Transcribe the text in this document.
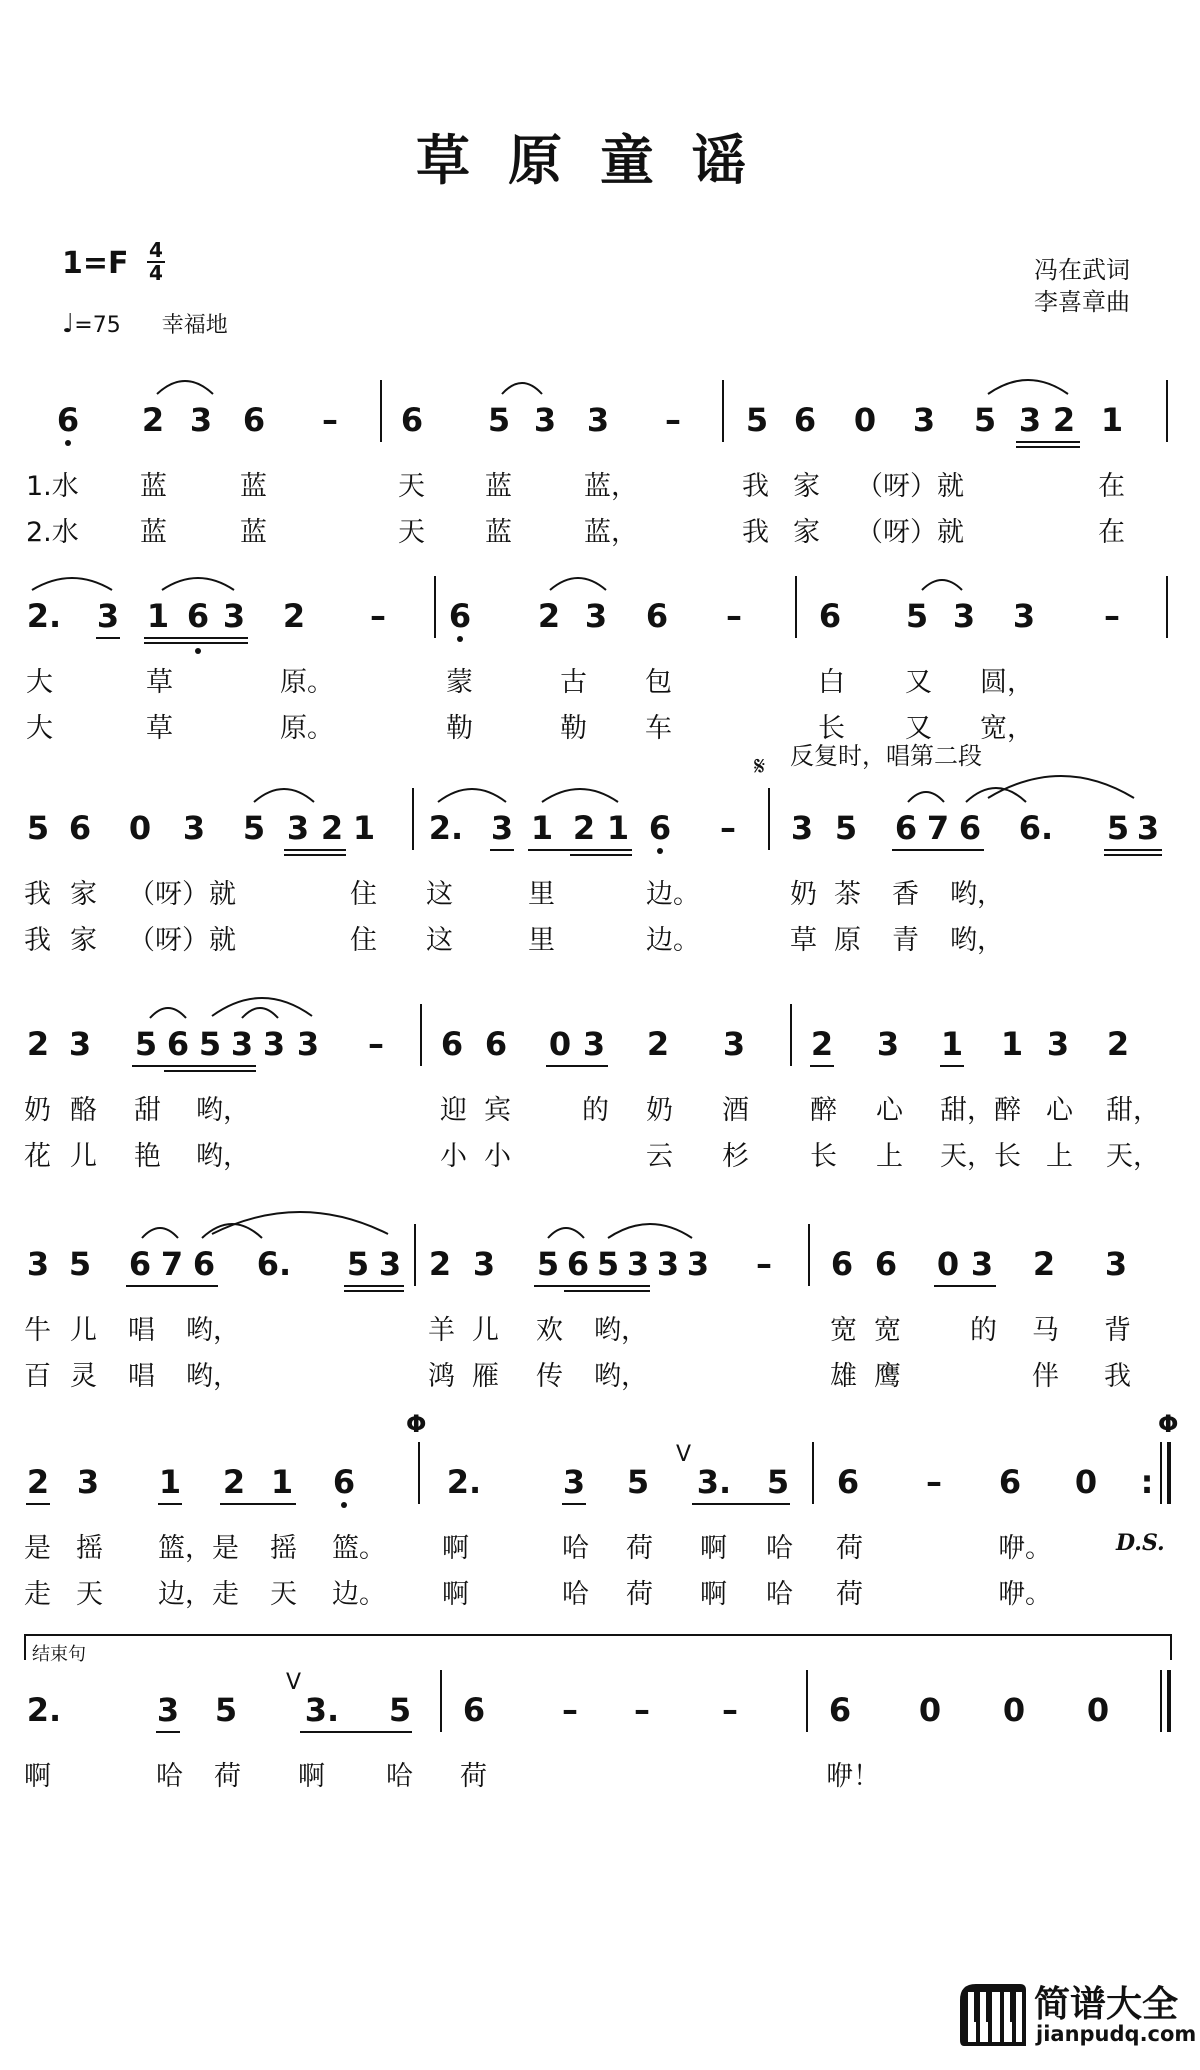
草原童谣
1=F 4
4
♩=75 幸福地
冯在武词
李喜章曲
6 2 3 6 – 6 5 3 3 – 5 6 0 3 5 3 2 1
1.水 蓝	蓝	天 蓝	蓝，	我 家 （呀）就	在
2.水 蓝	蓝	天 蓝	蓝，	我 家 （呀）就	在
2. 3 1 6 3 2 – 6 2 3 6 – 6 5 3 3 –
大	草	原。	蒙	古 包	白 又 圆，
大	草	原。	勒	勒 车	长 又 宽，
𝄋 反复时，唱第二段
5 6 0 3 5 3 2 1 2. 3 1 2 1 6 – 3 5 6 7 6 6. 5 3
我 家 （呀）就	住 这	里	边。	奶 茶 香 哟，
我 家 （呀）就	住 这	里	边。	草 原 青 哟，
2 3 5 6 5 3 3 3 – 6 6 0 3 2 3 2 3 1 1 3 2
奶 酪 甜 哟，	迎 宾	的 奶 酒 醉 心 甜，醉 心 甜，
花 儿 艳 哟，	小 小	云 杉 长 上 天，长 上 天，
3 5 6 7 6 6. 5 3 2 3 5 6 5 3 3 3 – 6 6 0 3 2 3
牛 儿 唱 哟，	羊 儿 欢 哟，	宽 宽	的 马 背
百 灵 唱 哟，	鸿 雁 传 哟，	雄 鹰	伴 我
Φ	Φ
2 3 1 2 1 6	2.	3 5
V
3. 5 6 – 6 0 :
是 摇 篮，是 摇 篮。 啊	哈 荷 啊 哈 荷	咿。	D.S.
走 天 边，走 天 边。 啊	哈 荷 啊 哈 荷	咿。
结束句
2.	3 5
V
3. 5 6 – – –	6 0 0 0
啊	哈 荷 啊 哈 荷	咿！
简谱大全
jianpudq.com
